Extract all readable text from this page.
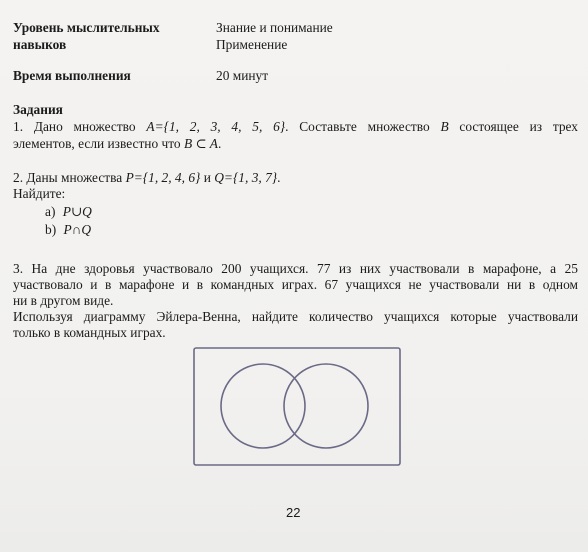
Уровень мыслительных
навыков
Знание и понимание
Применение
Время выполнения	20 минут
Задания
1. Дано множество A={1, 2, 3, 4, 5, 6}. Составьте множество B состоящее из трех
элементов, если известно что B ⊂ A.
2. Даны множества P={1, 2, 4, 6} и Q={1, 3, 7}.
Найдите:
a) P∪Q
b) P∩Q
3. На дне здоровья участвовало 200 учащихся. 77 из них участвовали в марафоне, а 25
участвовало и в марафоне и в командных играх. 67 учащихся не участвовали ни в одном
ни в другом виде.
Используя диаграмму Эйлера-Венна, найдите количество учащихся которые участвовали
только в командных играх.
22
